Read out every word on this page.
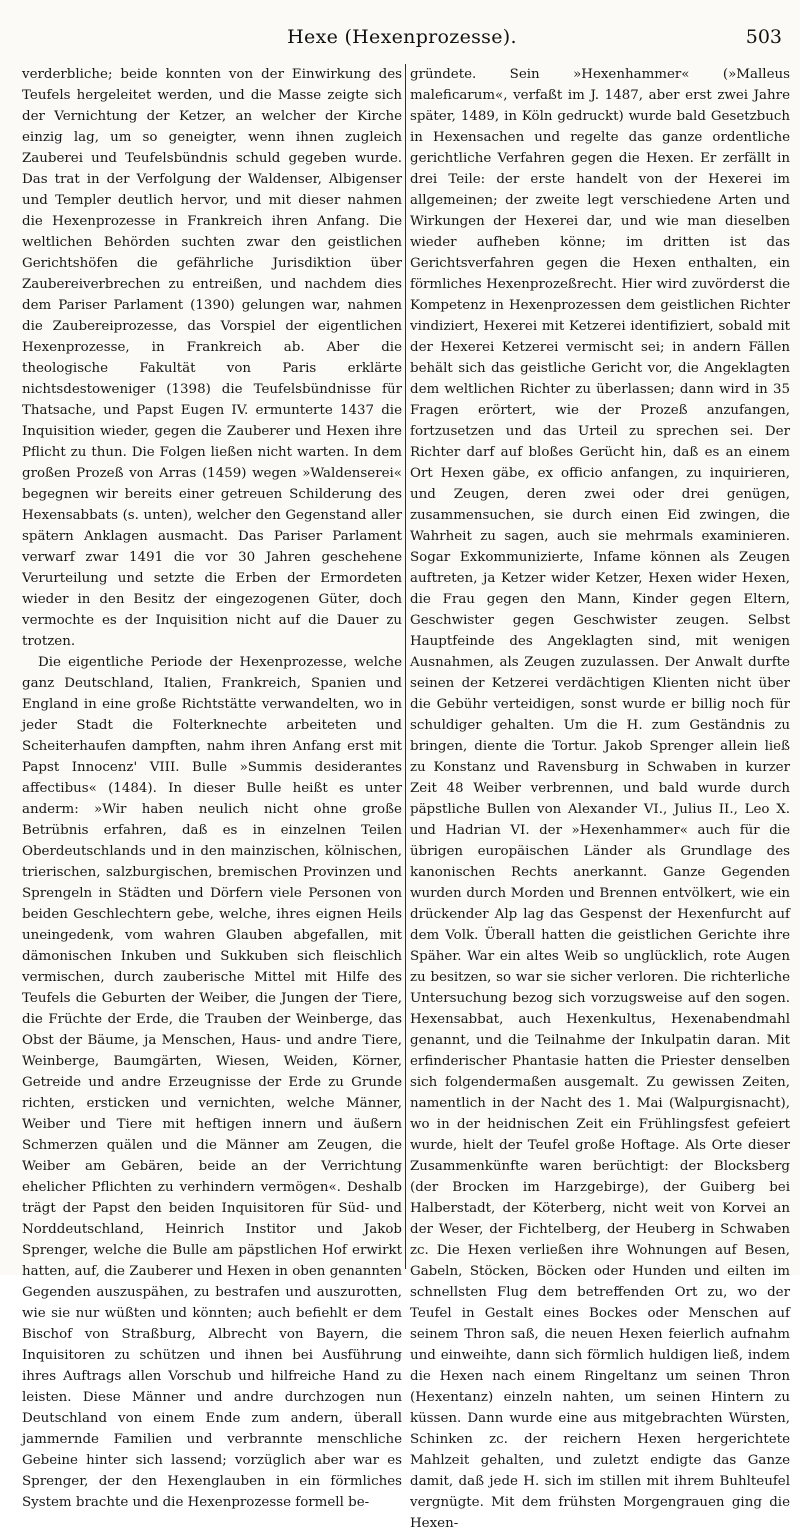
Hexe (Hexenprozesse).	503

verderbliche; beide konnten von der Einwirkung des Teufels hergeleitet werden, und die Masse zeigte sich der Vernichtung der Ketzer, an welcher der Kirche einzig lag, um so geneigter, wenn ihnen zugleich Zauberei und Teufelsbündnis schuld gegeben wurde. Das trat in der Verfolgung der Waldenser, Albigenser und Templer deutlich hervor, und mit dieser nahmen die Hexenprozesse in Frankreich ihren Anfang. Die weltlichen Behörden suchten zwar den geistlichen Gerichtshöfen die gefährliche Jurisdiktion über Zaubereiverbrechen zu entreißen, und nachdem dies dem Pariser Parlament (1390) gelungen war, nahmen die Zaubereiprozesse, das Vorspiel der eigentlichen Hexenprozesse, in Frankreich ab. Aber die theologische Fakultät von Paris erklärte nichtsdestoweniger (1398) die Teufelsbündnisse für Thatsache, und Papst Eugen IV. ermunterte 1437 die Inquisition wieder, gegen die Zauberer und Hexen ihre Pflicht zu thun. Die Folgen ließen nicht warten. In dem großen Prozeß von Arras (1459) wegen »Waldenserei« begegnen wir bereits einer getreuen Schilderung des Hexensabbats (s. unten), welcher den Gegenstand aller spätern Anklagen ausmacht. Das Pariser Parlament verwarf zwar 1491 die vor 30 Jahren geschehene Verurteilung und setzte die Erben der Ermordeten wieder in den Besitz der eingezogenen Güter, doch vermochte es der Inquisition nicht auf die Dauer zu trotzen.

Die eigentliche Periode der Hexenprozesse, welche ganz Deutschland, Italien, Frankreich, Spanien und England in eine große Richtstätte verwandelten, wo in jeder Stadt die Folterknechte arbeiteten und Scheiterhaufen dampften, nahm ihren Anfang erst mit Papst Innocenz' VIII. Bulle »Summis desiderantes affectibus« (1484). In dieser Bulle heißt es unter anderm: »Wir haben neulich nicht ohne große Betrübnis erfahren, daß es in einzelnen Teilen Oberdeutschlands und in den mainzischen, kölnischen, trierischen, salzburgischen, bremischen Provinzen und Sprengeln in Städten und Dörfern viele Personen von beiden Geschlechtern gebe, welche, ihres eignen Heils uneingedenk, vom wahren Glauben abgefallen, mit dämonischen Inkuben und Sukkuben sich fleischlich vermischen, durch zauberische Mittel mit Hilfe des Teufels die Geburten der Weiber, die Jungen der Tiere, die Früchte der Erde, die Trauben der Weinberge, das Obst der Bäume, ja Menschen, Haus- und andre Tiere, Weinberge, Baumgärten, Wiesen, Weiden, Körner, Getreide und andre Erzeugnisse der Erde zu Grunde richten, ersticken und vernichten, welche Männer, Weiber und Tiere mit heftigen innern und äußern Schmerzen quälen und die Männer am Zeugen, die Weiber am Gebären, beide an der Verrichtung ehelicher Pflichten zu verhindern vermögen«. Deshalb trägt der Papst den beiden Inquisitoren für Süd- und Norddeutschland, Heinrich Institor und Jakob Sprenger, welche die Bulle am päpstlichen Hof erwirkt hatten, auf, die Zauberer und Hexen in oben genannten Gegenden auszuspähen, zu bestrafen und auszurotten, wie sie nur wüßten und könnten; auch befiehlt er dem Bischof von Straßburg, Albrecht von Bayern, die Inquisitoren zu schützen und ihnen bei Ausführung ihres Auftrags allen Vorschub und hilfreiche Hand zu leisten. Diese Männer und andre durchzogen nun Deutschland von einem Ende zum andern, überall jammernde Familien und verbrannte menschliche Gebeine hinter sich lassend; vorzüglich aber war es Sprenger, der den Hexenglauben in ein förmliches System brachte und die Hexenprozesse formell be-

gründete. Sein »Hexenhammer« (»Malleus maleficarum«, verfaßt im J. 1487, aber erst zwei Jahre später, 1489, in Köln gedruckt) wurde bald Gesetzbuch in Hexensachen und regelte das ganze ordentliche gerichtliche Verfahren gegen die Hexen. Er zerfällt in drei Teile: der erste handelt von der Hexerei im allgemeinen; der zweite legt verschiedene Arten und Wirkungen der Hexerei dar, und wie man dieselben wieder aufheben könne; im dritten ist das Gerichtsverfahren gegen die Hexen enthalten, ein förmliches Hexenprozeßrecht. Hier wird zuvörderst die Kompetenz in Hexenprozessen dem geistlichen Richter vindiziert, Hexerei mit Ketzerei identifiziert, sobald mit der Hexerei Ketzerei vermischt sei; in andern Fällen behält sich das geistliche Gericht vor, die Angeklagten dem weltlichen Richter zu überlassen; dann wird in 35 Fragen erörtert, wie der Prozeß anzufangen, fortzusetzen und das Urteil zu sprechen sei. Der Richter darf auf bloßes Gerücht hin, daß es an einem Ort Hexen gäbe, ex officio anfangen, zu inquirieren, und Zeugen, deren zwei oder drei genügen, zusammensuchen, sie durch einen Eid zwingen, die Wahrheit zu sagen, auch sie mehrmals examinieren. Sogar Exkommunizierte, Infame können als Zeugen auftreten, ja Ketzer wider Ketzer, Hexen wider Hexen, die Frau gegen den Mann, Kinder gegen Eltern, Geschwister gegen Geschwister zeugen. Selbst Hauptfeinde des Angeklagten sind, mit wenigen Ausnahmen, als Zeugen zuzulassen. Der Anwalt durfte seinen der Ketzerei verdächtigen Klienten nicht über die Gebühr verteidigen, sonst wurde er billig noch für schuldiger gehalten. Um die H. zum Geständnis zu bringen, diente die Tortur. Jakob Sprenger allein ließ zu Konstanz und Ravensburg in Schwaben in kurzer Zeit 48 Weiber verbrennen, und bald wurde durch päpstliche Bullen von Alexander VI., Julius II., Leo X. und Hadrian VI. der »Hexenhammer« auch für die übrigen europäischen Länder als Grundlage des kanonischen Rechts anerkannt. Ganze Gegenden wurden durch Morden und Brennen entvölkert, wie ein drückender Alp lag das Gespenst der Hexenfurcht auf dem Volk. Überall hatten die geistlichen Gerichte ihre Späher. War ein altes Weib so unglücklich, rote Augen zu besitzen, so war sie sicher verloren. Die richterliche Untersuchung bezog sich vorzugsweise auf den sogen. Hexensabbat, auch Hexenkultus, Hexenabendmahl genannt, und die Teilnahme der Inkulpatin daran. Mit erfinderischer Phantasie hatten die Priester denselben sich folgendermaßen ausgemalt. Zu gewissen Zeiten, namentlich in der Nacht des 1. Mai (Walpurgisnacht), wo in der heidnischen Zeit ein Frühlingsfest gefeiert wurde, hielt der Teufel große Hoftage. Als Orte dieser Zusammenkünfte waren berüchtigt: der Blocksberg (der Brocken im Harzgebirge), der Guiberg bei Halberstadt, der Köterberg, nicht weit von Korvei an der Weser, der Fichtelberg, der Heuberg in Schwaben zc. Die Hexen verließen ihre Wohnungen auf Besen, Gabeln, Stöcken, Böcken oder Hunden und eilten im schnellsten Flug dem betreffenden Ort zu, wo der Teufel in Gestalt eines Bockes oder Menschen auf seinem Thron saß, die neuen Hexen feierlich aufnahm und einweihte, dann sich förmlich huldigen ließ, indem die Hexen nach einem Ringeltanz um seinen Thron (Hexentanz) einzeln nahten, um seinen Hintern zu küssen. Dann wurde eine aus mitgebrachten Würsten, Schinken zc. der reichern Hexen hergerichtete Mahlzeit gehalten, und zuletzt endigte das Ganze damit, daß jede H. sich im stillen mit ihrem Buhlteufel vergnügte. Mit dem frühsten Morgengrauen ging die Hexen-
